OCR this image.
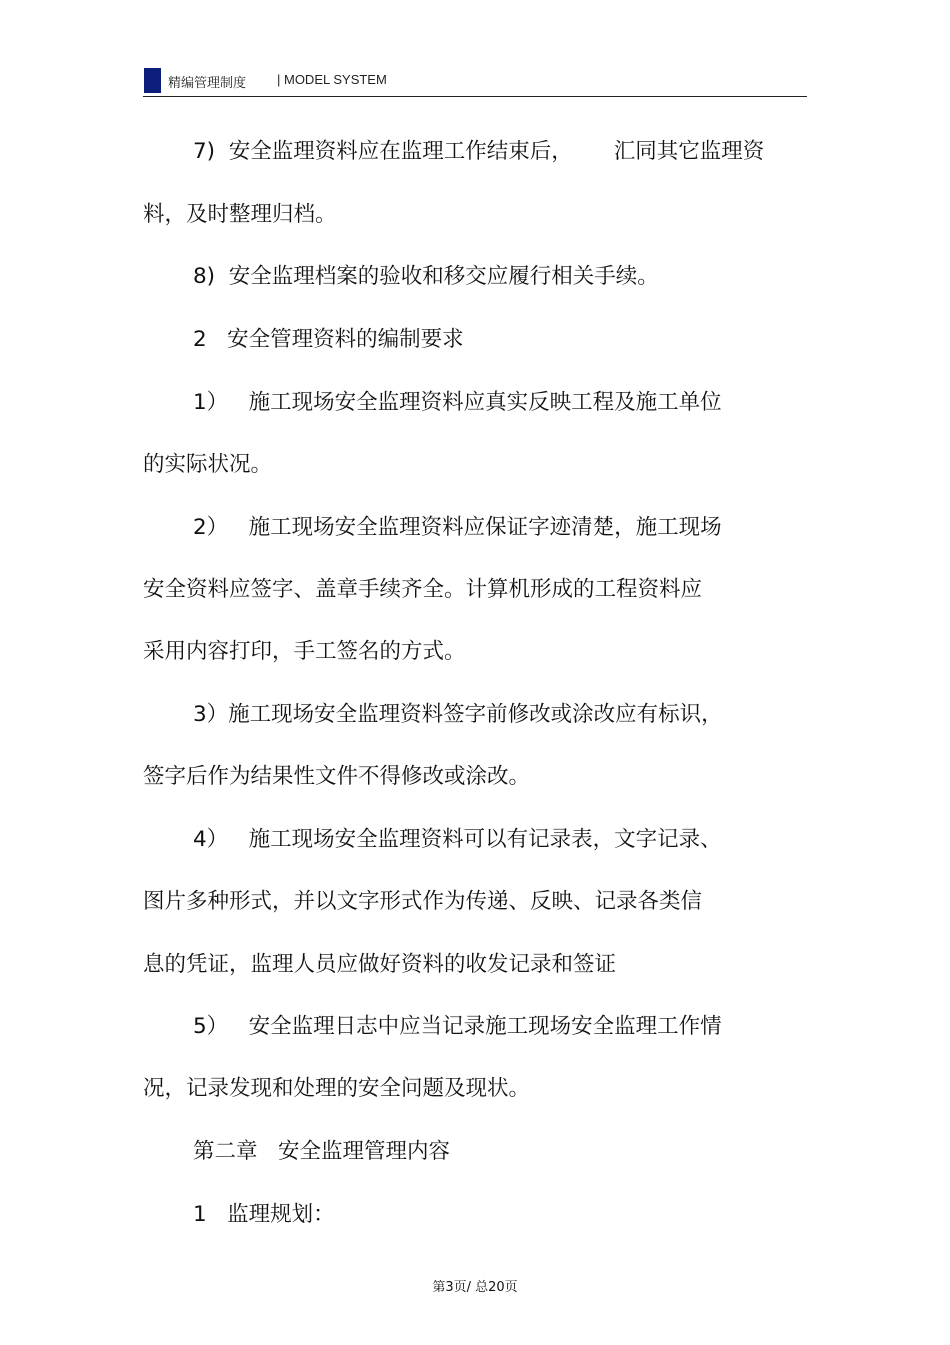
精编管理制度 | MODEL SYSTEM
7)  安全监理资料应在监理工作结束后，      汇同其它监理资
料，及时整理归档。
8)  安全监理档案的验收和移交应履行相关手续。
2   安全管理资料的编制要求
1）   施工现场安全监理资料应真实反映工程及施工单位
的实际状况。
2）   施工现场安全监理资料应保证字迹清楚，施工现场
安全资料应签字、盖章手续齐全。计算机形成的工程资料应
采用内容打印，手工签名的方式。
3）施工现场安全监理资料签字前修改或涂改应有标识，
签字后作为结果性文件不得修改或涂改。
4）   施工现场安全监理资料可以有记录表，文字记录、
图片多种形式，并以文字形式作为传递、反映、记录各类信
息的凭证，监理人员应做好资料的收发记录和签证
5）   安全监理日志中应当记录施工现场安全监理工作情
况，记录发现和处理的安全问题及现状。
第二章   安全监理管理内容
1   监理规划：
第3页/ 总20页
